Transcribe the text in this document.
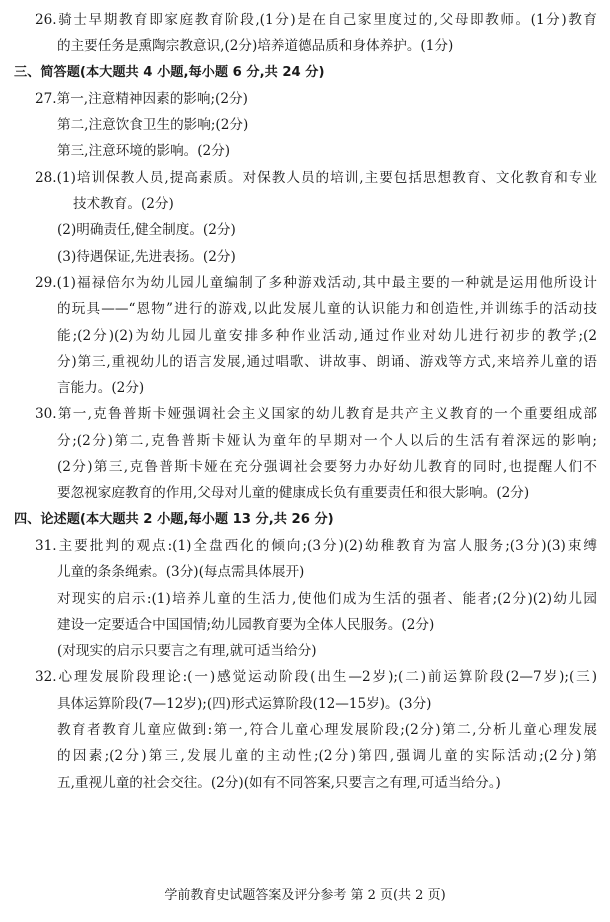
26.骑士早期教育即家庭教育阶段,(1分)是在自己家里度过的,父母即教师。(1分)教育
的主要任务是熏陶宗教意识,(2分)培养道德品质和身体养护。(1分)
三、简答题(本大题共 4 小题,每小题 6 分,共 24 分)
27.第一,注意精神因素的影响;(2分)
第二,注意饮食卫生的影响;(2分)
第三,注意环境的影响。(2分)
28.(1)培训保教人员,提高素质。对保教人员的培训,主要包括思想教育、文化教育和专业
技术教育。(2分)
(2)明确责任,健全制度。(2分)
(3)待遇保证,先进表扬。(2分)
29.(1)福禄倍尔为幼儿园儿童编制了多种游戏活动,其中最主要的一种就是运用他所设计
的玩具——“恩物”进行的游戏,以此发展儿童的认识能力和创造性,并训练手的活动技
能;(2分)(2)为幼儿园儿童安排多种作业活动,通过作业对幼儿进行初步的教学;(2
分)第三,重视幼儿的语言发展,通过唱歌、讲故事、朗诵、游戏等方式,来培养儿童的语
言能力。(2分)
30.第一,克鲁普斯卡娅强调社会主义国家的幼儿教育是共产主义教育的一个重要组成部
分;(2分)第二,克鲁普斯卡娅认为童年的早期对一个人以后的生活有着深远的影响;
(2分)第三,克鲁普斯卡娅在充分强调社会要努力办好幼儿教育的同时,也提醒人们不
要忽视家庭教育的作用,父母对儿童的健康成长负有重要责任和很大影响。(2分)
四、论述题(本大题共 2 小题,每小题 13 分,共 26 分)
31.主要批判的观点:(1)全盘西化的倾向;(3分)(2)幼稚教育为富人服务;(3分)(3)束缚
儿童的条条绳索。(3分)(每点需具体展开)
对现实的启示:(1)培养儿童的生活力,使他们成为生活的强者、能者;(2分)(2)幼儿园
建设一定要适合中国国情;幼儿园教育要为全体人民服务。(2分)
(对现实的启示只要言之有理,就可适当给分)
32.心理发展阶段理论:(一)感觉运动阶段(出生—2岁);(二)前运算阶段(2—7岁);(三)
具体运算阶段(7—12岁);(四)形式运算阶段(12—15岁)。(3分)
教育者教育儿童应做到:第一,符合儿童心理发展阶段;(2分)第二,分析儿童心理发展
的因素;(2分)第三,发展儿童的主动性;(2分)第四,强调儿童的实际活动;(2分)第
五,重视儿童的社会交往。(2分)(如有不同答案,只要言之有理,可适当给分。)
学前教育史试题答案及评分参考 第 2 页(共 2 页)
